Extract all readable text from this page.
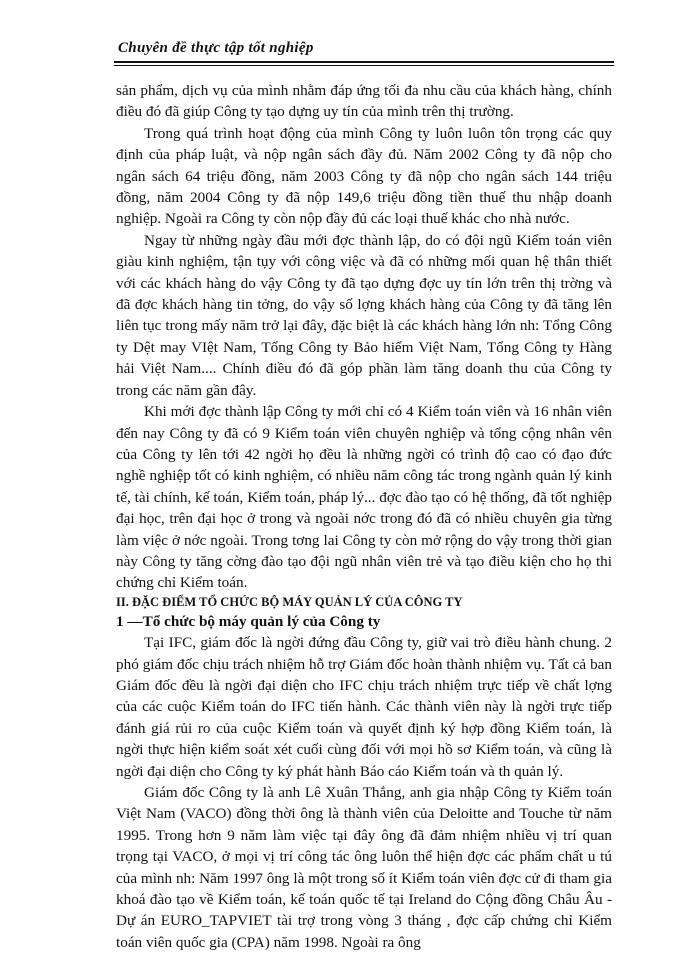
Chuyên đề thực tập tốt nghiệp

sản phẩm, dịch vụ của mình nhằm đáp ứng tối đa nhu cầu của khách hàng, chính điều đó đã giúp Công ty tạo dựng uy tín của mình trên thị trường.

Trong quá trình hoạt động của mình Công ty luôn luôn tôn trọng các quy định của pháp luật, và nộp ngân sách đầy đủ. Năm 2002 Công ty đã nộp cho ngân sách 64 triệu đồng, năm 2003 Công ty đã nộp cho ngân sách 144 triệu đồng, năm 2004 Công ty đã nộp 149,6 triệu đồng tiền thuế thu nhập doanh nghiệp. Ngoài ra Công ty còn nộp đầy đủ các loại thuế khác cho nhà nước.

Ngay từ những ngày đầu mới đợc thành lập, do có đội ngũ Kiểm toán viên giàu kinh nghiệm, tận tụy với công việc và đã có những mối quan hệ thân thiết với các khách hàng do vậy Công ty đã tạo dựng đợc uy tín lớn trên thị trờng và đã đợc khách hàng tin tởng, do vậy số lợng khách hàng của Công ty đã tăng lên liên tục trong mấy năm trở lại đây, đặc biệt là các khách hàng lớn nh: Tổng Công ty Dệt may VIệt Nam, Tổng Công ty Bảo hiểm Việt Nam, Tổng Công ty Hàng hải Việt Nam.... Chính điều đó đã góp phần làm tăng doanh thu của Công ty trong các năm gần đây.

Khi mới đợc thành lập Công ty mới chỉ có 4 Kiểm toán viên và 16 nhân viên đến nay Công ty đã có 9 Kiểm toán viên chuyên nghiệp và tổng cộng nhân vên của Công ty lên tới 42 ngời họ đều là những ngời có trình độ cao có đạo đức nghề nghiệp tốt có kinh nghiệm, có nhiều năm công tác trong ngành quản lý kinh tế, tài chính, kế toán, Kiểm toán, pháp lý... đợc đào tạo có hệ thống, đã tốt nghiệp đại học, trên đại học ở trong và ngoài nớc trong đó đã có nhiều chuyên gia từng làm việc ở nớc ngoài. Trong tơng lai Công ty còn mở rộng do vậy trong thời gian này Công ty tăng cờng đào tạo đội ngũ nhân viên trẻ và tạo điều kiện cho họ thi chứng chỉ Kiểm toán.

II. ĐẶC ĐIỂM TỔ CHỨC BỘ MÁY QUẢN LÝ CỦA CÔNG TY

1 —Tổ chức bộ máy quản lý của Công ty

Tại IFC, giám đốc là ngời đứng đầu Công ty, giữ vai trò điều hành chung. 2 phó giám đốc chịu trách nhiệm hỗ trợ Giám đốc hoàn thành nhiệm vụ. Tất cả ban Giám đốc đều là ngời đại diện cho IFC chịu trách nhiệm trực tiếp về chất lợng của các cuộc Kiểm toán do IFC tiến hành. Các thành viên này là ngời trực tiếp đánh giá rủi ro của cuộc Kiểm toán và quyết định ký hợp đồng Kiểm toán, là ngời thực hiện kiểm soát xét cuối cùng đối với mọi hồ sơ Kiểm toán, và cũng là ngời đại diện cho Công ty ký phát hành Báo cáo Kiểm toán và th quản lý.

Giám đốc Công ty là anh Lê Xuân Thắng, anh gia nhập Công ty Kiểm toán Việt Nam (VACO) đồng thời ông là thành viên của Deloitte and Touche từ năm 1995. Trong hơn 9 năm làm việc tại đây ông đã đảm nhiệm nhiều vị trí quan trọng tại VACO, ở mọi vị trí công tác ông luôn thể hiện đợc các phẩm chất u tú của mình nh: Năm 1997 ông là một trong số ít Kiểm toán viên đợc cử đi tham gia khoá đào tạo về Kiểm toán, kế toán quốc tế tại Ireland do Cộng đồng Châu Âu - Dự án EURO_TAPVIET tài trợ trong vòng 3 tháng , đợc cấp chứng chỉ Kiểm toán viên quốc gia (CPA) năm 1998. Ngoài ra ông
